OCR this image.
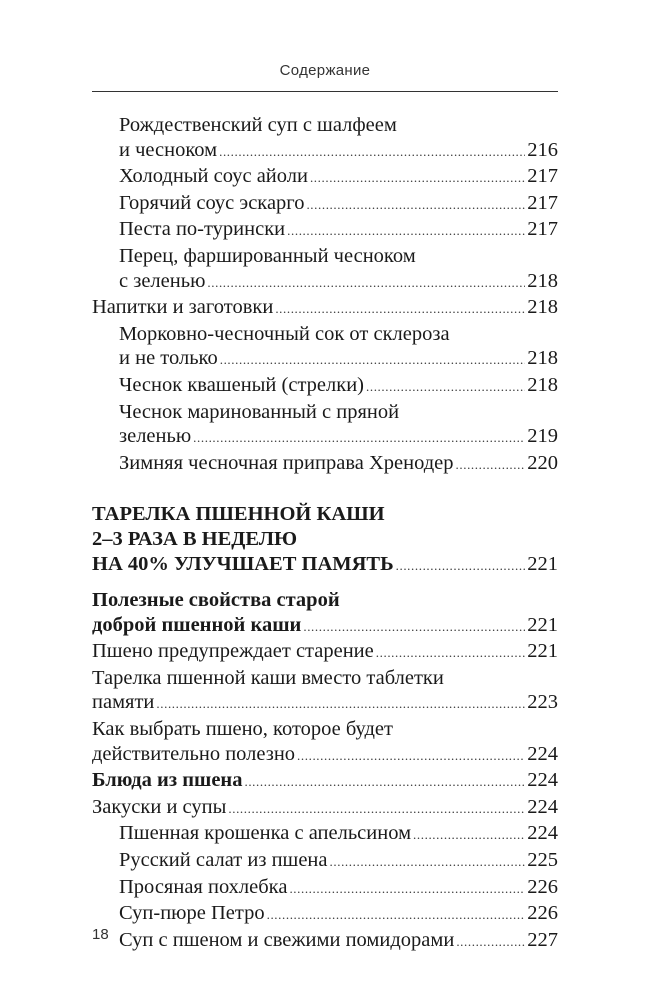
Содержание
Рождественский суп с шалфеем
и чесноком .....	216
Холодный соус айоли .....	217
Горячий соус эскарго .....	217
Песта по-турински .....	217
Перец, фаршированный чесноком
с зеленью .....	218
Напитки и заготовки .....	218
Морковно-чесночный сок от склероза
и не только .....	218
Чеснок квашеный (стрелки) .....	218
Чеснок маринованный с пряной
зеленью .....	219
Зимняя чесночная приправа Хренодер .....	220
ТАРЕЛКА ПШЕННОЙ КАШИ
2–3 РАЗА В НЕДЕЛЮ
НА 40% УЛУЧШАЕТ ПАМЯТЬ .....	221
Полезные свойства старой
доброй пшенной каши .....	221
Пшено предупреждает старение .....	221
Тарелка пшенной каши вместо таблетки
памяти .....	223
Как выбрать пшено, которое будет
действительно полезно .....	224
Блюда из пшена .....	224
Закуски и супы .....	224
Пшенная крошенка с апельсином .....	224
Русский салат из пшена .....	225
Просяная похлебка .....	226
Суп-пюре Петро .....	226
Суп с пшеном и свежими помидорами .....	227
18
